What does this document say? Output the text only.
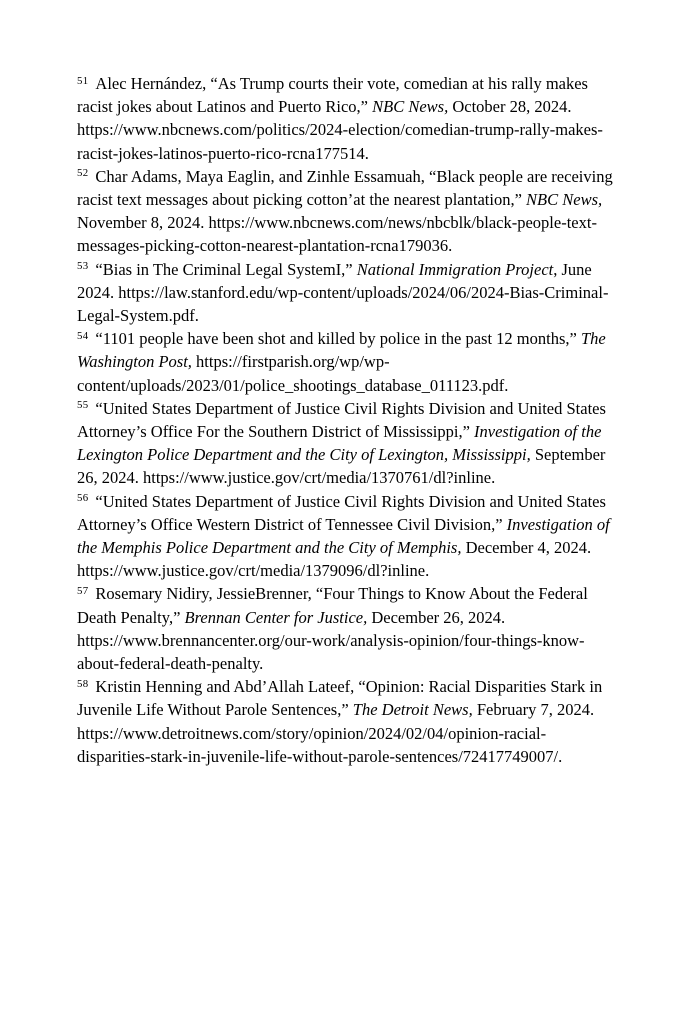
$^{51}$ Alec Hernández, “As Trump courts their vote, comedian at his rally makes racist jokes about Latinos and Puerto Rico,” NBC News, October 28, 2024. https://www.nbcnews.com/politics/2024-election/comedian-trump-rally-makes-racist-jokes-latinos-puerto-rico-rcna177514.

$^{52}$ Char Adams, Maya Eaglin, and Zinhle Essamuah, “Black people are receiving racist text messages about picking cotton’at the nearest plantation,” NBC News, November 8, 2024. https://www.nbcnews.com/news/nbcblk/black-people-text-messages-picking-cotton-nearest-plantation-rcna179036.

$^{53}$ “Bias in The Criminal Legal SystemI,” National Immigration Project, June 2024. https://law.stanford.edu/wp-content/uploads/2024/06/2024-Bias-Criminal-Legal-System.pdf.

$^{54}$ “1101 people have been shot and killed by police in the past 12 months,” The Washington Post, https://firstparish.org/wp/wp-content/uploads/2023/01/police_shootings_database_011123.pdf.

$^{55}$ “United States Department of Justice Civil Rights Division and United States Attorney’s Office For the Southern District of Mississippi,” Investigation of the Lexington Police Department and the City of Lexington, Mississippi, September 26, 2024. https://www.justice.gov/crt/media/1370761/dl?inline.

$^{56}$ “United States Department of Justice Civil Rights Division and United States Attorney’s Office Western District of Tennessee Civil Division,” Investigation of the Memphis Police Department and the City of Memphis, December 4, 2024. https://www.justice.gov/crt/media/1379096/dl?inline.

$^{57}$ Rosemary Nidiry, JessieBrenner, “Four Things to Know About the Federal Death Penalty,” Brennan Center for Justice, December 26, 2024. https://www.brennancenter.org/our-work/analysis-opinion/four-things-know-about-federal-death-penalty.

$^{58}$ Kristin Henning and Abd’Allah Lateef, “Opinion: Racial Disparities Stark in Juvenile Life Without Parole Sentences,” The Detroit News, February 7, 2024. https://www.detroitnews.com/story/opinion/2024/02/04/opinion-racial-disparities-stark-in-juvenile-life-without-parole-sentences/72417749007/.
